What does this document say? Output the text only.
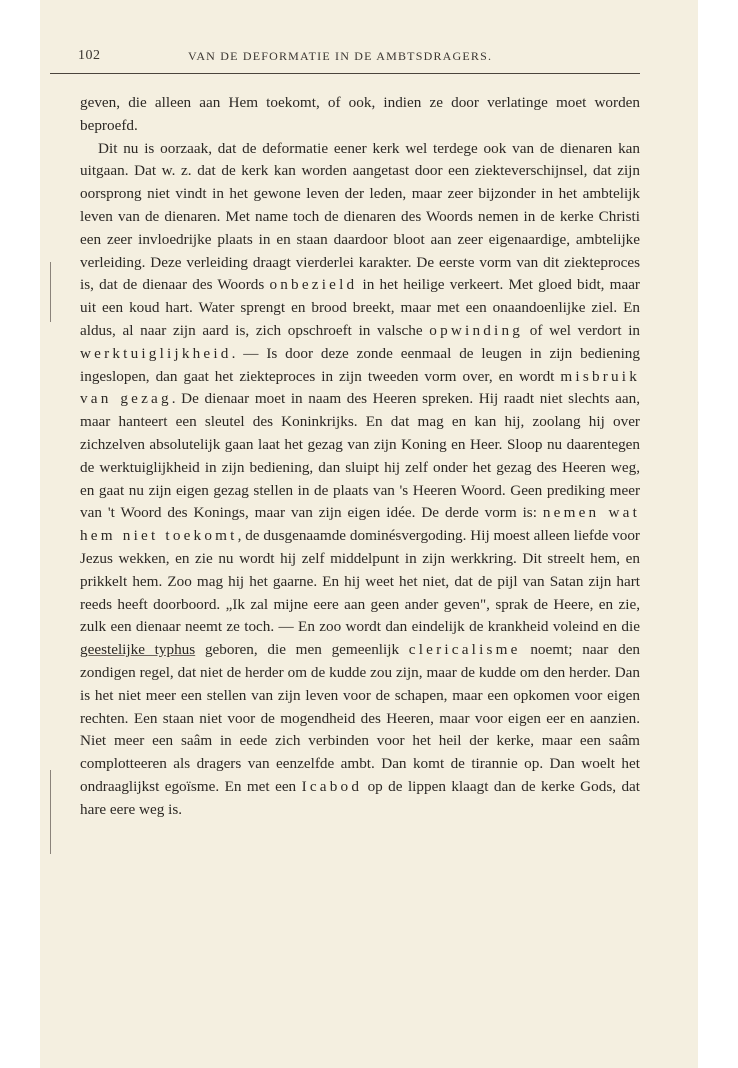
102	VAN DE DEFORMATIE IN DE AMBTSDRAGERS.

geven, die alleen aan Hem toekomt, of ook, indien ze door verlatinge moet worden beproefd.

Dit nu is oorzaak, dat de deformatie eener kerk wel terdege ook van de dienaren kan uitgaan. Dat w. z. dat de kerk kan worden aangetast door een ziekteverschijnsel, dat zijn oorsprong niet vindt in het gewone leven der leden, maar zeer bijzonder in het ambtelijk leven van de dienaren. Met name toch de dienaren des Woords nemen in de kerke Christi een zeer invloedrijke plaats in en staan daardoor bloot aan zeer eigenaardige, ambtelijke verleiding. Deze verleiding draagt vierderlei karakter. De eerste vorm van dit ziekteproces is, dat de dienaar des Woords onbezield in het heilige verkeert. Met gloed bidt, maar uit een koud hart. Water sprengt en brood breekt, maar met een onaandoenlijke ziel. En aldus, al naar zijn aard is, zich opschroeft in valsche opwinding of wel verdort in werktuiglijkheid. — Is door deze zonde eenmaal de leugen in zijn bediening ingeslopen, dan gaat het ziekteproces in zijn tweeden vorm over, en wordt misbruik van gezag. De dienaar moet in naam des Heeren spreken. Hij raadt niet slechts aan, maar hanteert een sleutel des Koninkrijks. En dat mag en kan hij, zoolang hij over zichzelven absolutelijk gaan laat het gezag van zijn Koning en Heer. Sloop nu daarentegen de werktuiglijkheid in zijn bediening, dan sluipt hij zelf onder het gezag des Heeren weg, en gaat nu zijn eigen gezag stellen in de plaats van 's Heeren Woord. Geen prediking meer van 't Woord des Konings, maar van zijn eigen idée. De derde vorm is: nemen wat hem niet toekomt, de dusgenaamde dominésvergoding. Hij moest alleen liefde voor Jezus wekken, en zie nu wordt hij zelf middelpunt in zijn werkkring. Dit streelt hem, en prikkelt hem. Zoo mag hij het gaarne. En hij weet het niet, dat de pijl van Satan zijn hart reeds heeft doorboord. „Ik zal mijne eere aan geen ander geven", sprak de Heere, en zie, zulk een dienaar neemt ze toch. — En zoo wordt dan eindelijk de krankheid voleind en die geestelijke typhus geboren, die men gemeenlijk clericalisme noemt; naar den zondigen regel, dat niet de herder om de kudde zou zijn, maar de kudde om den herder. Dan is het niet meer een stellen van zijn leven voor de schapen, maar een opkomen voor eigen rechten. Een staan niet voor de mogendheid des Heeren, maar voor eigen eer en aanzien. Niet meer een saâm in eede zich verbinden voor het heil der kerke, maar een saâm complotteeren als dragers van eenzelfde ambt. Dan komt de tirannie op. Dan woelt het ondraaglijkst egoïsme. En met een Icabod op de lippen klaagt dan de kerke Gods, dat hare eere weg is.
